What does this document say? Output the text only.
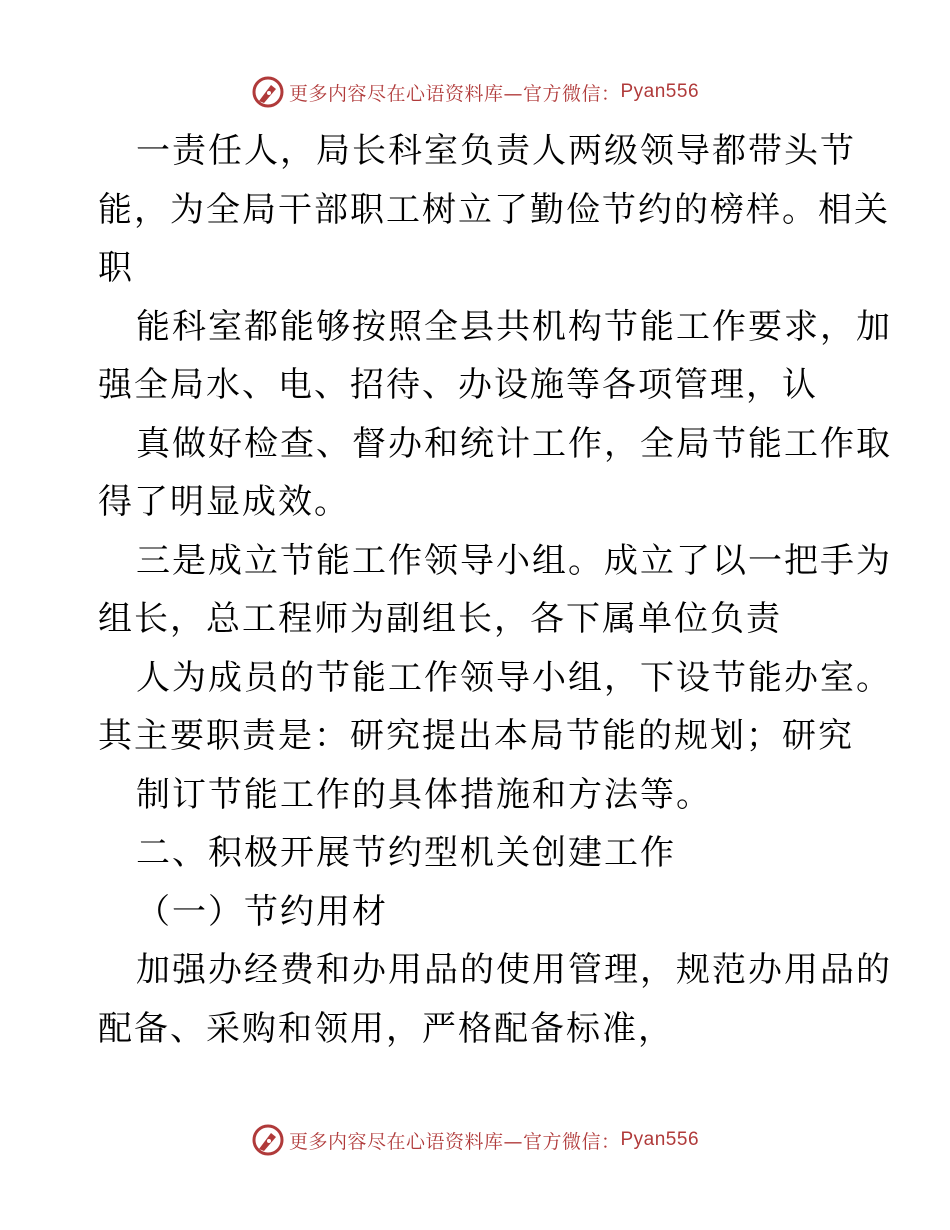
更多内容尽在心语资料库—官方微信： Pyan556
一责任人，局长科室负责人两级领导都带头节
能，为全局干部职工树立了勤俭节约的榜样。相关
职
能科室都能够按照全县共机构节能工作要求，加
强全局水、电、招待、办设施等各项管理，认
真做好检查、督办和统计工作，全局节能工作取
得了明显成效。
三是成立节能工作领导小组。成立了以一把手为
组长，总工程师为副组长，各下属单位负责
人为成员的节能工作领导小组，下设节能办室。
其主要职责是：研究提出本局节能的规划；研究
制订节能工作的具体措施和方法等。
二、积极开展节约型机关创建工作
（一）节约用材
加强办经费和办用品的使用管理，规范办用品的
配备、采购和领用，严格配备标准，
更多内容尽在心语资料库—官方微信： Pyan556
